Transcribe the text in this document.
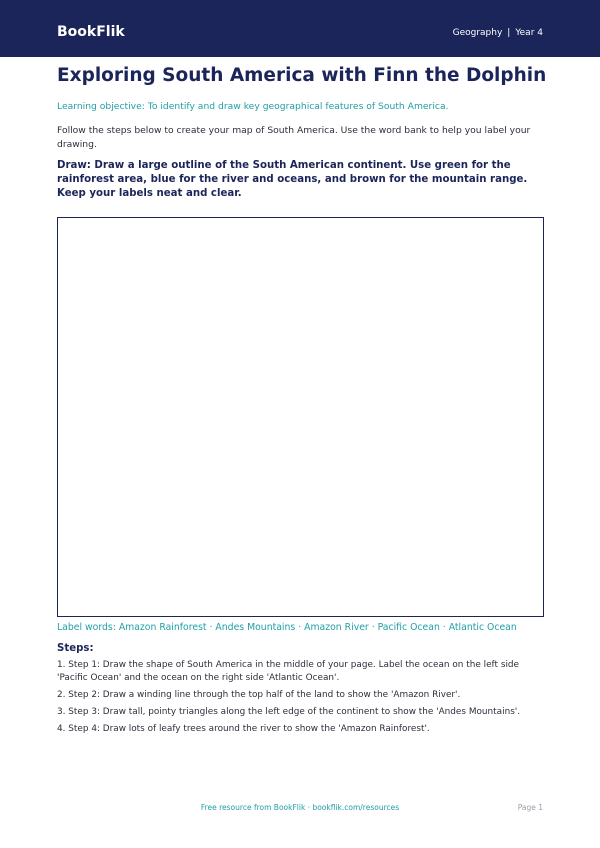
BookFlik	Geography | Year 4
Exploring South America with Finn the Dolphin
Learning objective: To identify and draw key geographical features of South America.
Follow the steps below to create your map of South America. Use the word bank to help you label your drawing.
Draw: Draw a large outline of the South American continent. Use green for the rainforest area, blue for the river and oceans, and brown for the mountain range. Keep your labels neat and clear.
Label words: Amazon Rainforest · Andes Mountains · Amazon River · Pacific Ocean · Atlantic Ocean
Steps:
1. Step 1: Draw the shape of South America in the middle of your page. Label the ocean on the left side 'Pacific Ocean' and the ocean on the right side 'Atlantic Ocean'.
2. Step 2: Draw a winding line through the top half of the land to show the 'Amazon River'.
3. Step 3: Draw tall, pointy triangles along the left edge of the continent to show the 'Andes Mountains'.
4. Step 4: Draw lots of leafy trees around the river to show the 'Amazon Rainforest'.
Free resource from BookFlik · bookflik.com/resources	Page 1
